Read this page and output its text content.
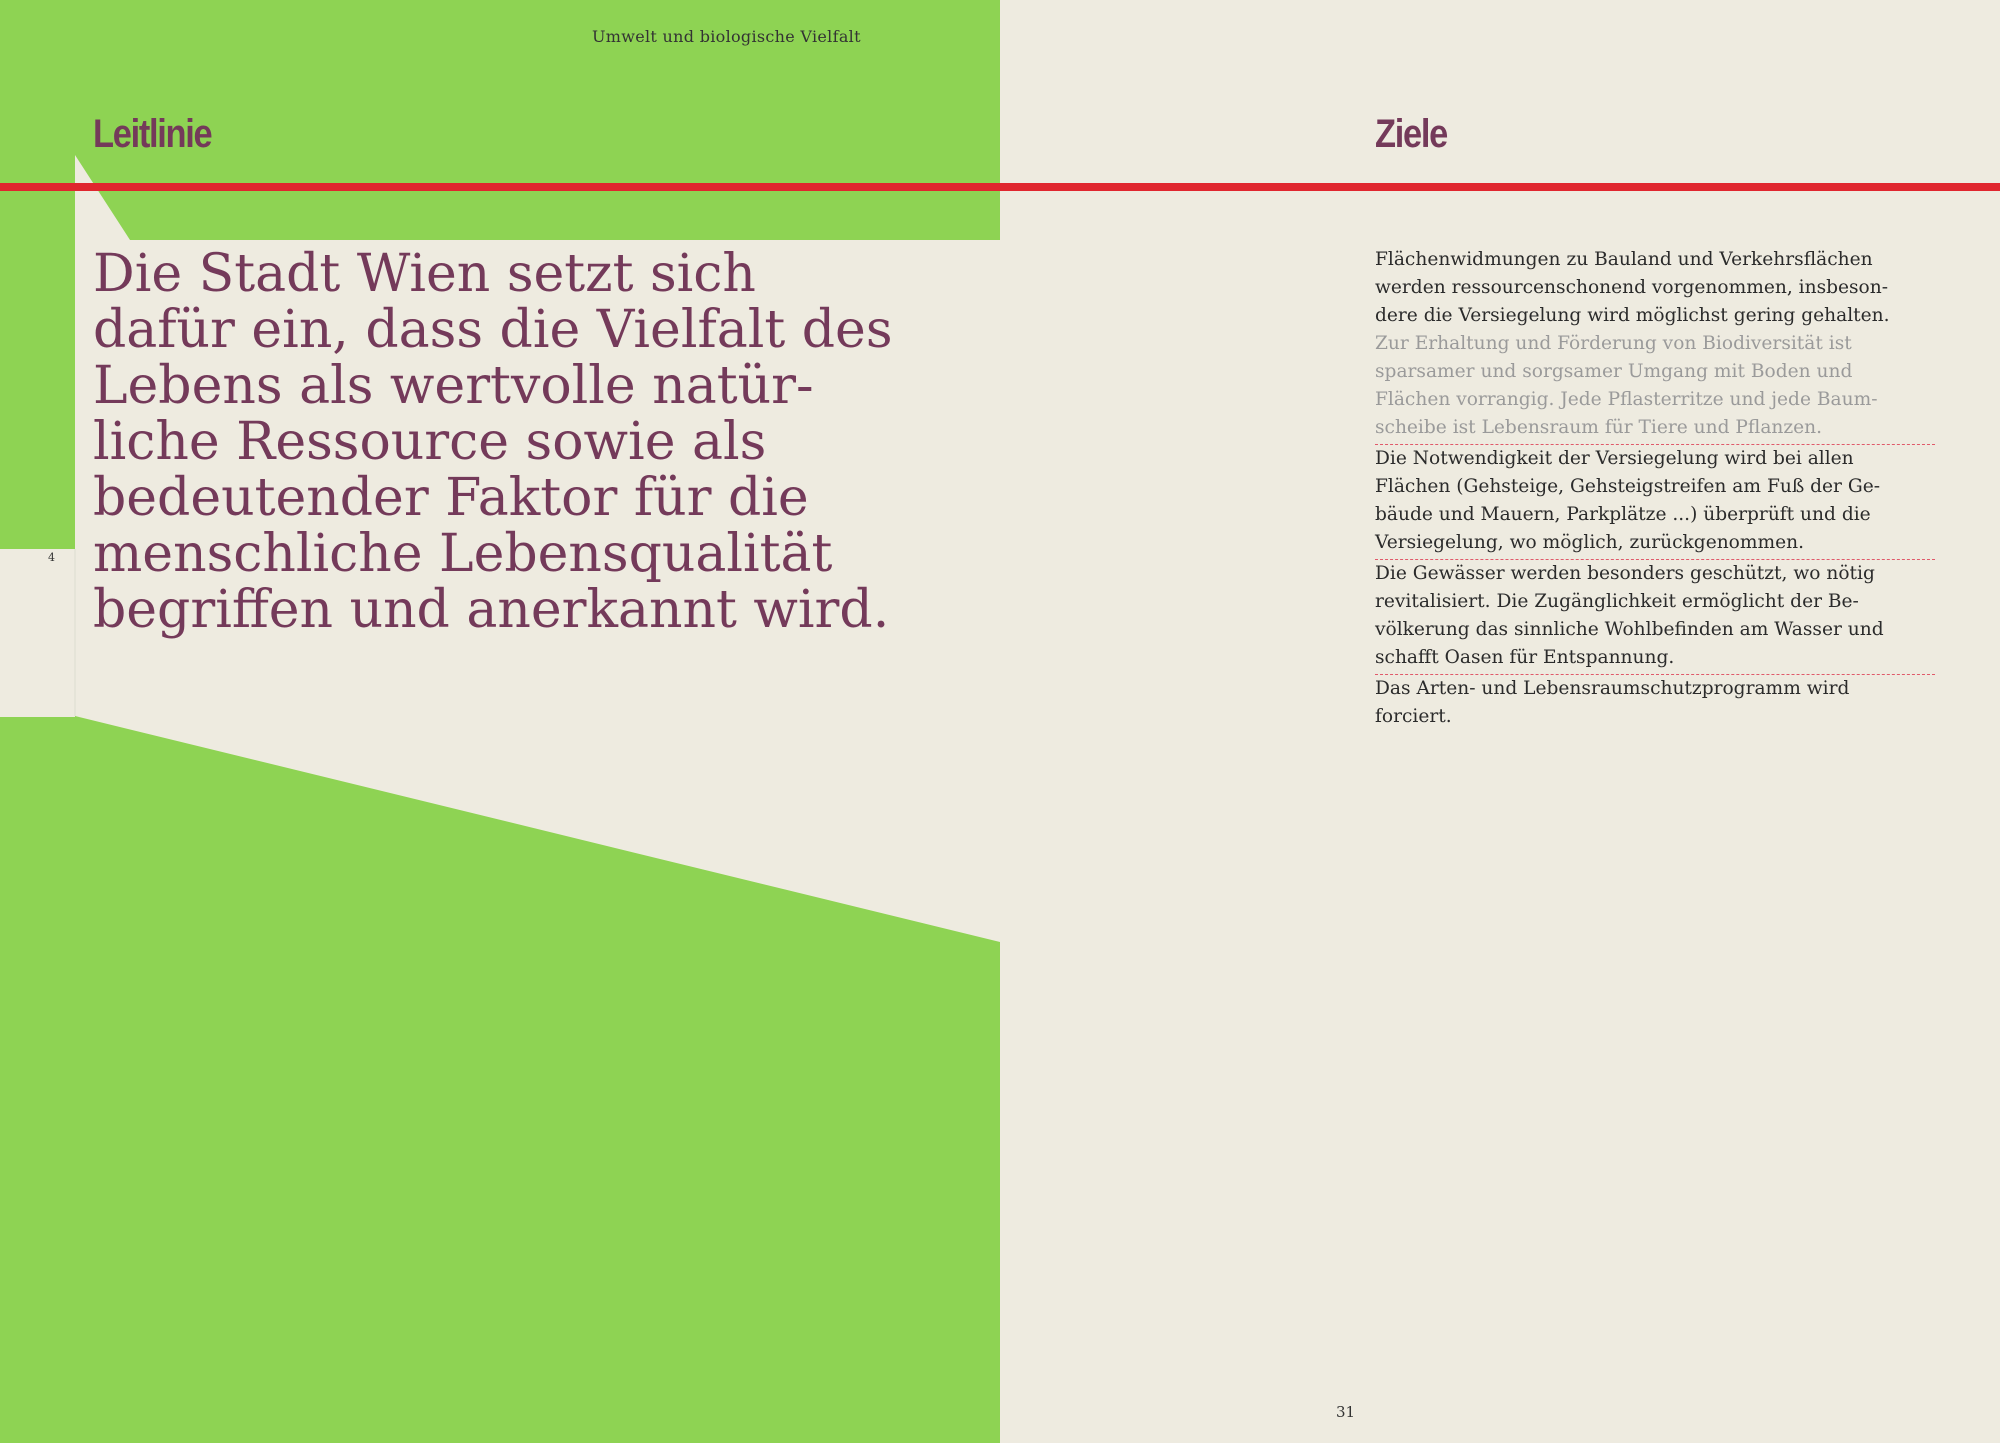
Umwelt und biologische Vielfalt
Leitlinie	Ziele
4

Die Stadt Wien setzt sich
dafür ein, dass die Vielfalt des
Lebens als wertvolle natür-
liche Ressource sowie als
bedeutender Faktor für die
menschliche Lebensqualität
begriffen und anerkannt wird.

Flächenwidmungen zu Bauland und Verkehrsflächen
werden ressourcenschonend vorgenommen, insbeson-
dere die Versiegelung wird möglichst gering gehalten.
Zur Erhaltung und Förderung von Biodiversität ist
sparsamer und sorgsamer Umgang mit Boden und
Flächen vorrangig. Jede Pflasterritze und jede Baum-
scheibe ist Lebensraum für Tiere und Pflanzen.

Die Notwendigkeit der Versiegelung wird bei allen
Flächen (Gehsteige, Gehsteigstreifen am Fuß der Ge-
bäude und Mauern, Parkplätze ...) überprüft und die
Versiegelung, wo möglich, zurückgenommen.

Die Gewässer werden besonders geschützt, wo nötig
revitalisiert. Die Zugänglichkeit ermöglicht der Be-
völkerung das sinnliche Wohlbefinden am Wasser und
schafft Oasen für Entspannung.

Das Arten- und Lebensraumschutzprogramm wird
forciert.

31
